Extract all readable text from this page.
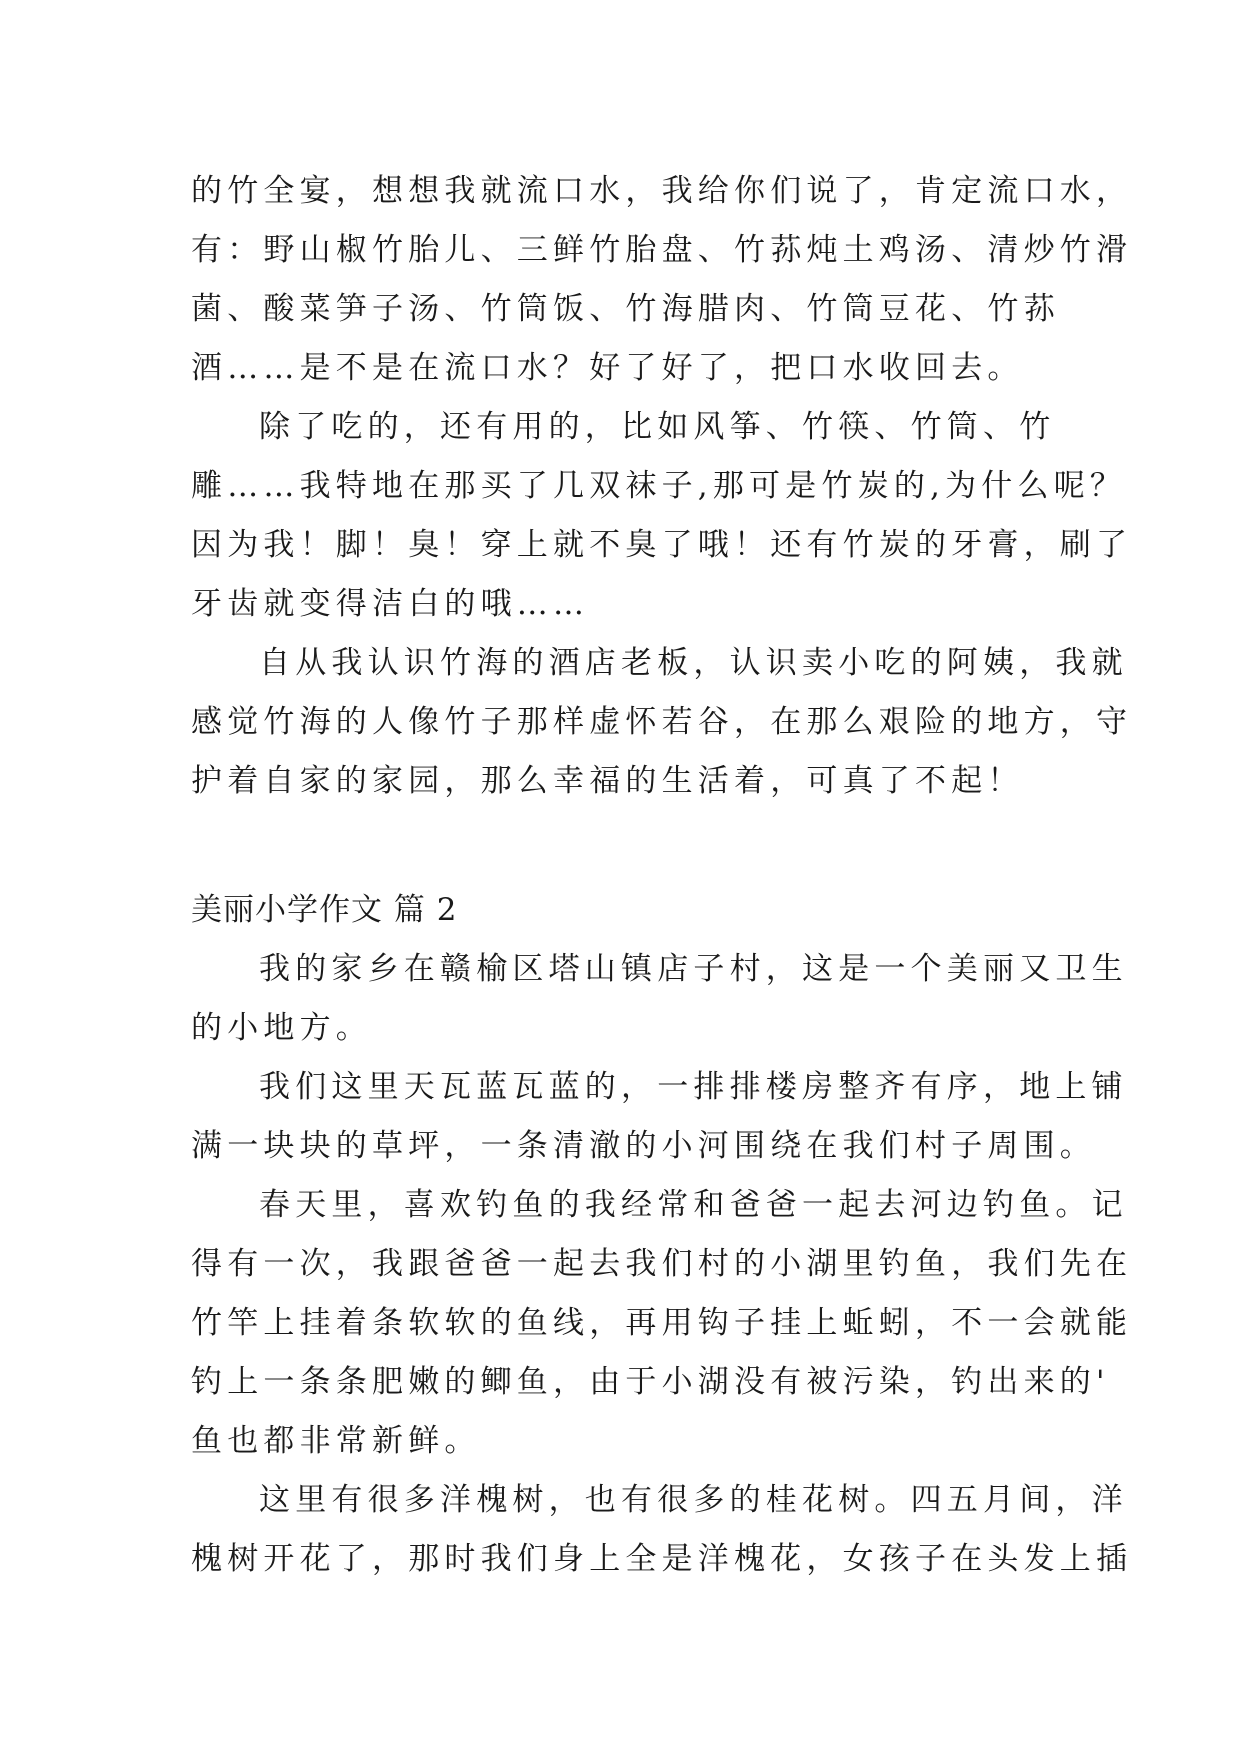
的竹全宴，想想我就流口水，我给你们说了，肯定流口水，
有：野山椒竹胎儿、三鲜竹胎盘、竹荪炖土鸡汤、清炒竹滑
菌、酸菜笋子汤、竹筒饭、竹海腊肉、竹筒豆花、竹荪
酒……是不是在流口水？好了好了，把口水收回去。
除了吃的，还有用的，比如风筝、竹筷、竹筒、竹
雕……我特地在那买了几双袜子,那可是竹炭的,为什么呢？
因为我！脚！臭！穿上就不臭了哦！还有竹炭的牙膏，刷了
牙齿就变得洁白的哦……
自从我认识竹海的酒店老板，认识卖小吃的阿姨，我就
感觉竹海的人像竹子那样虚怀若谷，在那么艰险的地方，守
护着自家的家园，那么幸福的生活着，可真了不起！
美丽小学作文 篇 2
我的家乡在赣榆区塔山镇店子村，这是一个美丽又卫生
的小地方。
我们这里天瓦蓝瓦蓝的，一排排楼房整齐有序，地上铺
满一块块的草坪，一条清澈的小河围绕在我们村子周围。
春天里，喜欢钓鱼的我经常和爸爸一起去河边钓鱼。记
得有一次，我跟爸爸一起去我们村的小湖里钓鱼，我们先在
竹竿上挂着条软软的鱼线，再用钩子挂上蚯蚓，不一会就能
钓上一条条肥嫩的鲫鱼，由于小湖没有被污染，钓出来的'
鱼也都非常新鲜。
这里有很多洋槐树，也有很多的桂花树。四五月间，洋
槐树开花了，那时我们身上全是洋槐花，女孩子在头发上插
